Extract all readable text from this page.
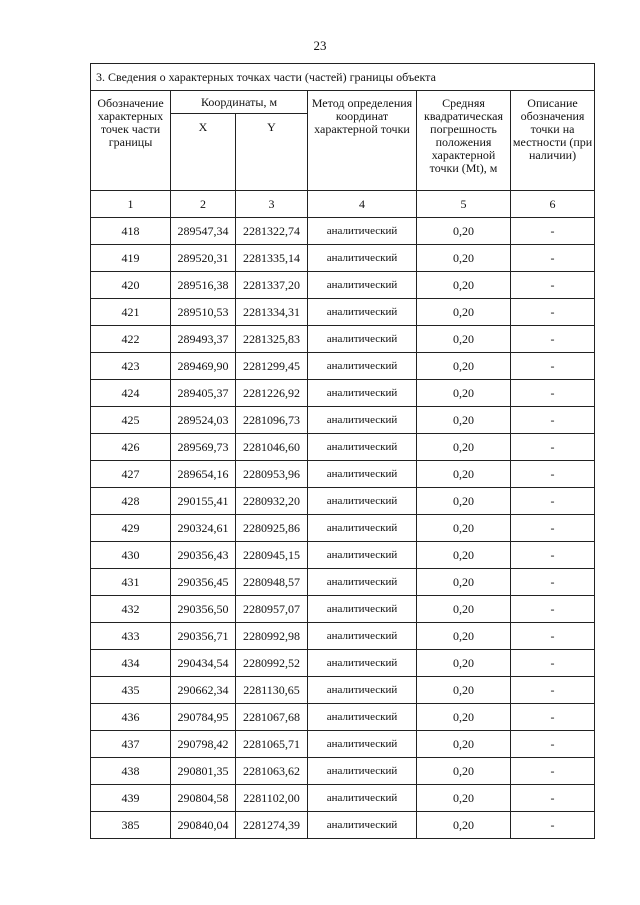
23
3. Сведения о характерных точках части (частей) границы объекта					
Обозначение характерных точек части границы	Координаты, м		Метод определения координат характерной точки	Средняя квадратическая погрешность положения характерной точки (Mt), м	Описание обозначения точки на местности (при наличии)
	X	Y			
1	2	3	4	5	6
418	289547,34	2281322,74	аналитический	0,20	-
419	289520,31	2281335,14	аналитический	0,20	-
420	289516,38	2281337,20	аналитический	0,20	-
421	289510,53	2281334,31	аналитический	0,20	-
422	289493,37	2281325,83	аналитический	0,20	-
423	289469,90	2281299,45	аналитический	0,20	-
424	289405,37	2281226,92	аналитический	0,20	-
425	289524,03	2281096,73	аналитический	0,20	-
426	289569,73	2281046,60	аналитический	0,20	-
427	289654,16	2280953,96	аналитический	0,20	-
428	290155,41	2280932,20	аналитический	0,20	-
429	290324,61	2280925,86	аналитический	0,20	-
430	290356,43	2280945,15	аналитический	0,20	-
431	290356,45	2280948,57	аналитический	0,20	-
432	290356,50	2280957,07	аналитический	0,20	-
433	290356,71	2280992,98	аналитический	0,20	-
434	290434,54	2280992,52	аналитический	0,20	-
435	290662,34	2281130,65	аналитический	0,20	-
436	290784,95	2281067,68	аналитический	0,20	-
437	290798,42	2281065,71	аналитический	0,20	-
438	290801,35	2281063,62	аналитический	0,20	-
439	290804,58	2281102,00	аналитический	0,20	-
385	290840,04	2281274,39	аналитический	0,20	-
